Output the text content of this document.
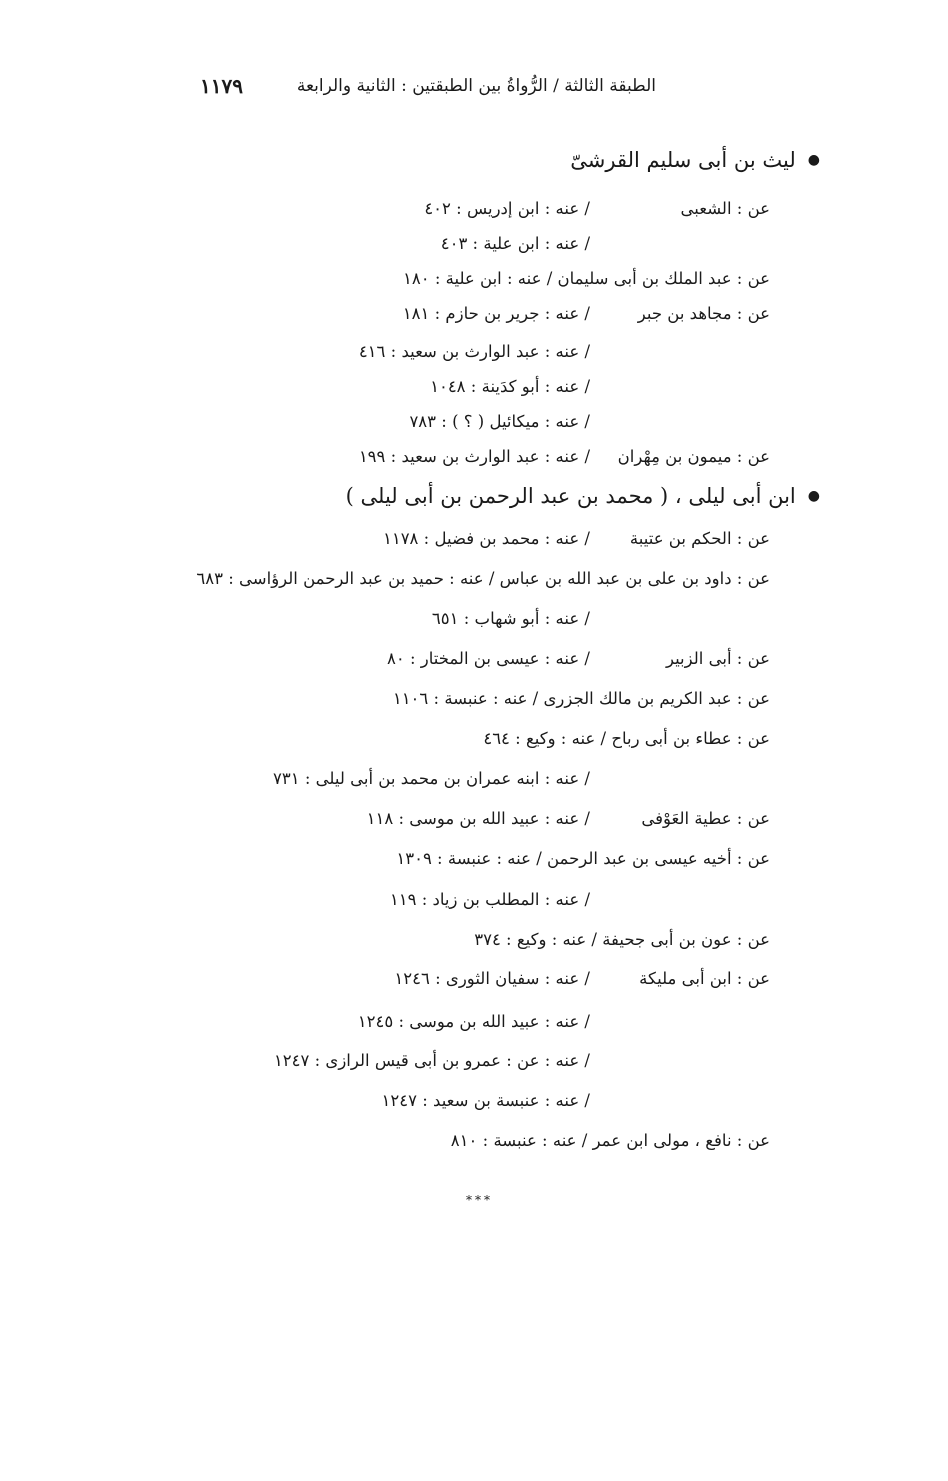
الطبقة الثالثة / الرُّواةُ بين الطبقتين : الثانية والرابعة
١١٧٩
●ليث بن أبى سليم القرشىّ
عن : الشعبى/ عنه : ابن إدريس : ٤٠٢
/ عنه : ابن علية : ٤٠٣
عن : عبد الملك بن أبى سليمان / عنه : ابن علية : ١٨٠
عن : مجاهد بن جبر/ عنه : جرير بن حازم : ١٨١
/ عنه : عبد الوارث بن سعيد : ٤١٦
/ عنه : أبو كدَينة : ١٠٤٨
/ عنه : ميكائيل ( ؟ ) : ٧٨٣
عن : ميمون بن مِهْران/ عنه : عبد الوارث بن سعيد : ١٩٩
●ابن أبى ليلى ، ( محمد بن عبد الرحمن بن أبى ليلى )
عن : الحكم بن عتيبة/ عنه : محمد بن فضيل : ١١٧٨
عن : داود بن على بن عبد الله بن عباس / عنه : حميد بن عبد الرحمن الرؤاسى : ٦٨٣
/ عنه : أبو شهاب : ٦٥١
عن : أبى الزبير/ عنه : عيسى بن المختار : ٨٠
عن : عبد الكريم بن مالك الجزرى / عنه : عنبسة : ١١٠٦
عن : عطاء بن أبى رباح / عنه : وكيع : ٤٦٤
/ عنه : ابنه عمران بن محمد بن أبى ليلى : ٧٣١
عن : عطية العَوْفى/ عنه : عبيد الله بن موسى : ١١٨
عن : أخيه عيسى بن عبد الرحمن / عنه : عنبسة : ١٣٠٩
/ عنه : المطلب بن زياد : ١١٩
عن : عون بن أبى جحيفة / عنه : وكيع : ٣٧٤
عن : ابن أبى مليكة/ عنه : سفيان الثورى : ١٢٤٦
/ عنه : عبيد الله بن موسى : ١٢٤٥
/ عنه : عن : عمرو بن أبى قيس الرازى : ١٢٤٧
/ عنه : عنبسة بن سعيد : ١٢٤٧
عن : نافع ، مولى ابن عمر / عنه : عنبسة : ٨١٠
***
